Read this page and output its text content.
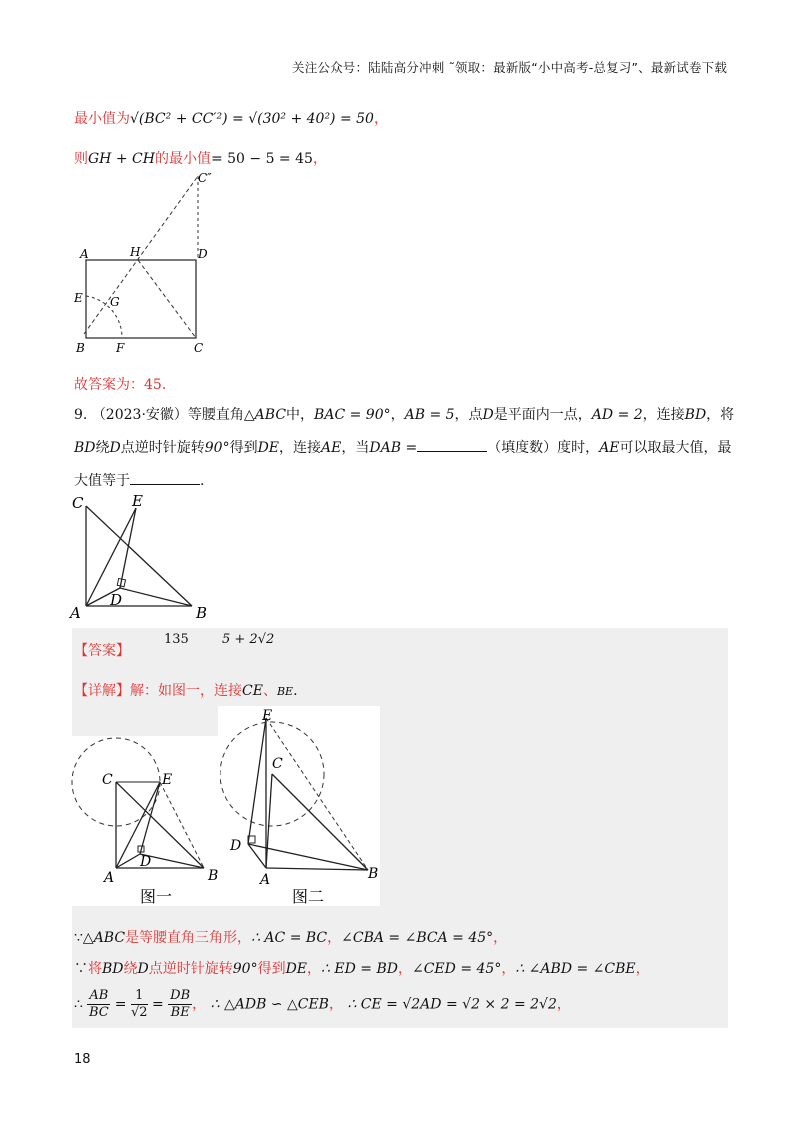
关注公众号：陆陆高分冲刺 ˜领取：最新版“小中高考-总复习”、最新试卷下载
最小值为√(BC² + CC′²) = √(30² + 40²) = 50，
则GH + CH的最小值= 50 − 5 = 45，
A	H	D
E G
B	F	C
C″
故答案为：45.
9. （2023·安徽）等腰直角△ABC中，BAC = 90°，AB = 5，点D是平面内一点，AD = 2，连接BD，将
BD绕D点逆时针旋转90°得到DE，连接AE，当DAB =	（填度数）度时，AE可以取最大值，最
大值等于	.
C	E
A
D
B
【答案】
135	5 + 2√2
【详解】解：如图一，连接CE、BE.
C	E
D
A	B
图一
E
C
D
A	B
图二
∵△ABC是等腰直角三角形，∴ AC = BC，∠CBA = ∠BCA = 45°，
∵将BD绕D点逆时针旋转90°得到DE，∴ ED = BD，∠CED = 45°，∴ ∠ABD = ∠CBE，
∴ $\frac{AB}{BC} = \frac{1}{√2} = \frac{DB}{BE}$ ， ∴ △ADB ∽ △CEB， ∴ CE = √2AD = √2 × 2 = 2√2，
18
